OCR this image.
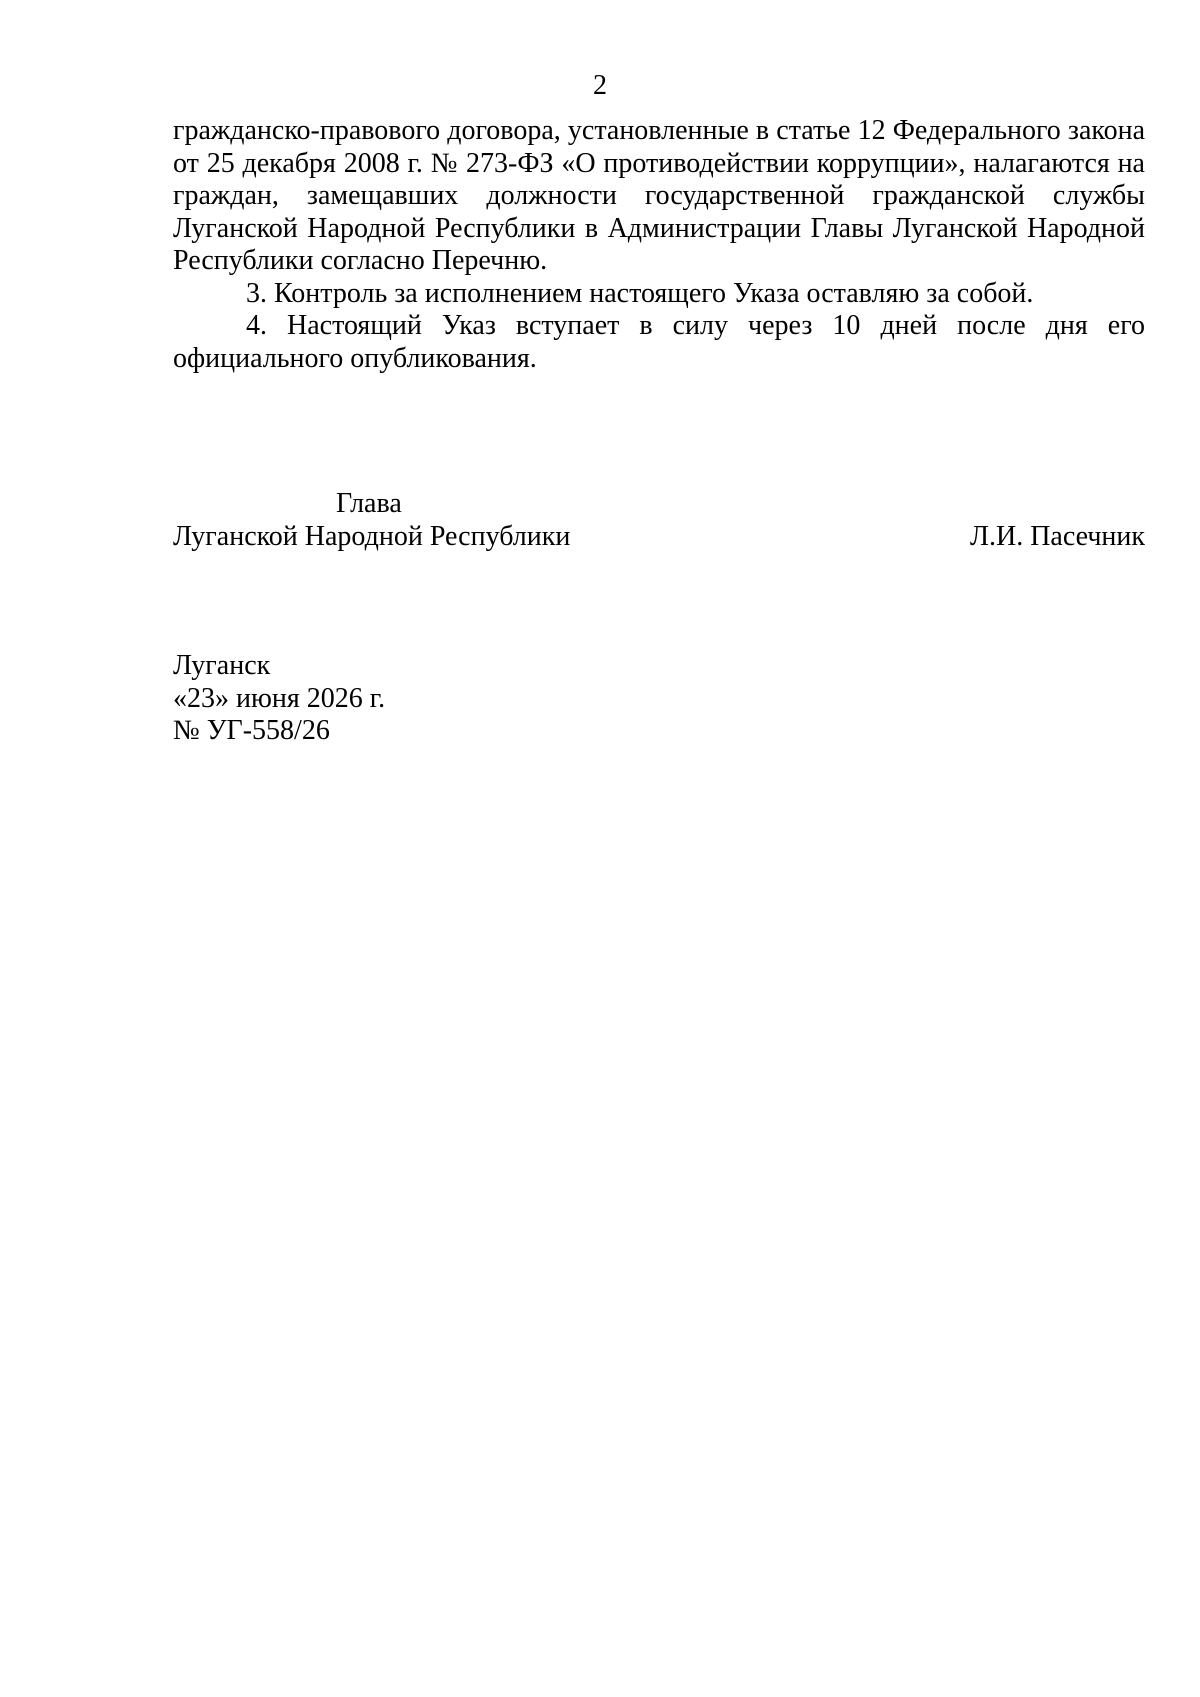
2

гражданско-правового договора, установленные в статье 12 Федерального закона от 25 декабря 2008 г. № 273-ФЗ «О противодействии коррупции», налагаются на граждан, замещавших должности государственной гражданской службы Луганской Народной Республики в Администрации Главы Луганской Народной Республики согласно Перечню.

3. Контроль за исполнением настоящего Указа оставляю за собой.

4. Настоящий Указ вступает в силу через 10 дней после дня его официального опубликования.

Глава
Луганской Народной Республики	Л.И. Пасечник
Луганск
«23» июня 2026 г.
№ УГ-558/26
